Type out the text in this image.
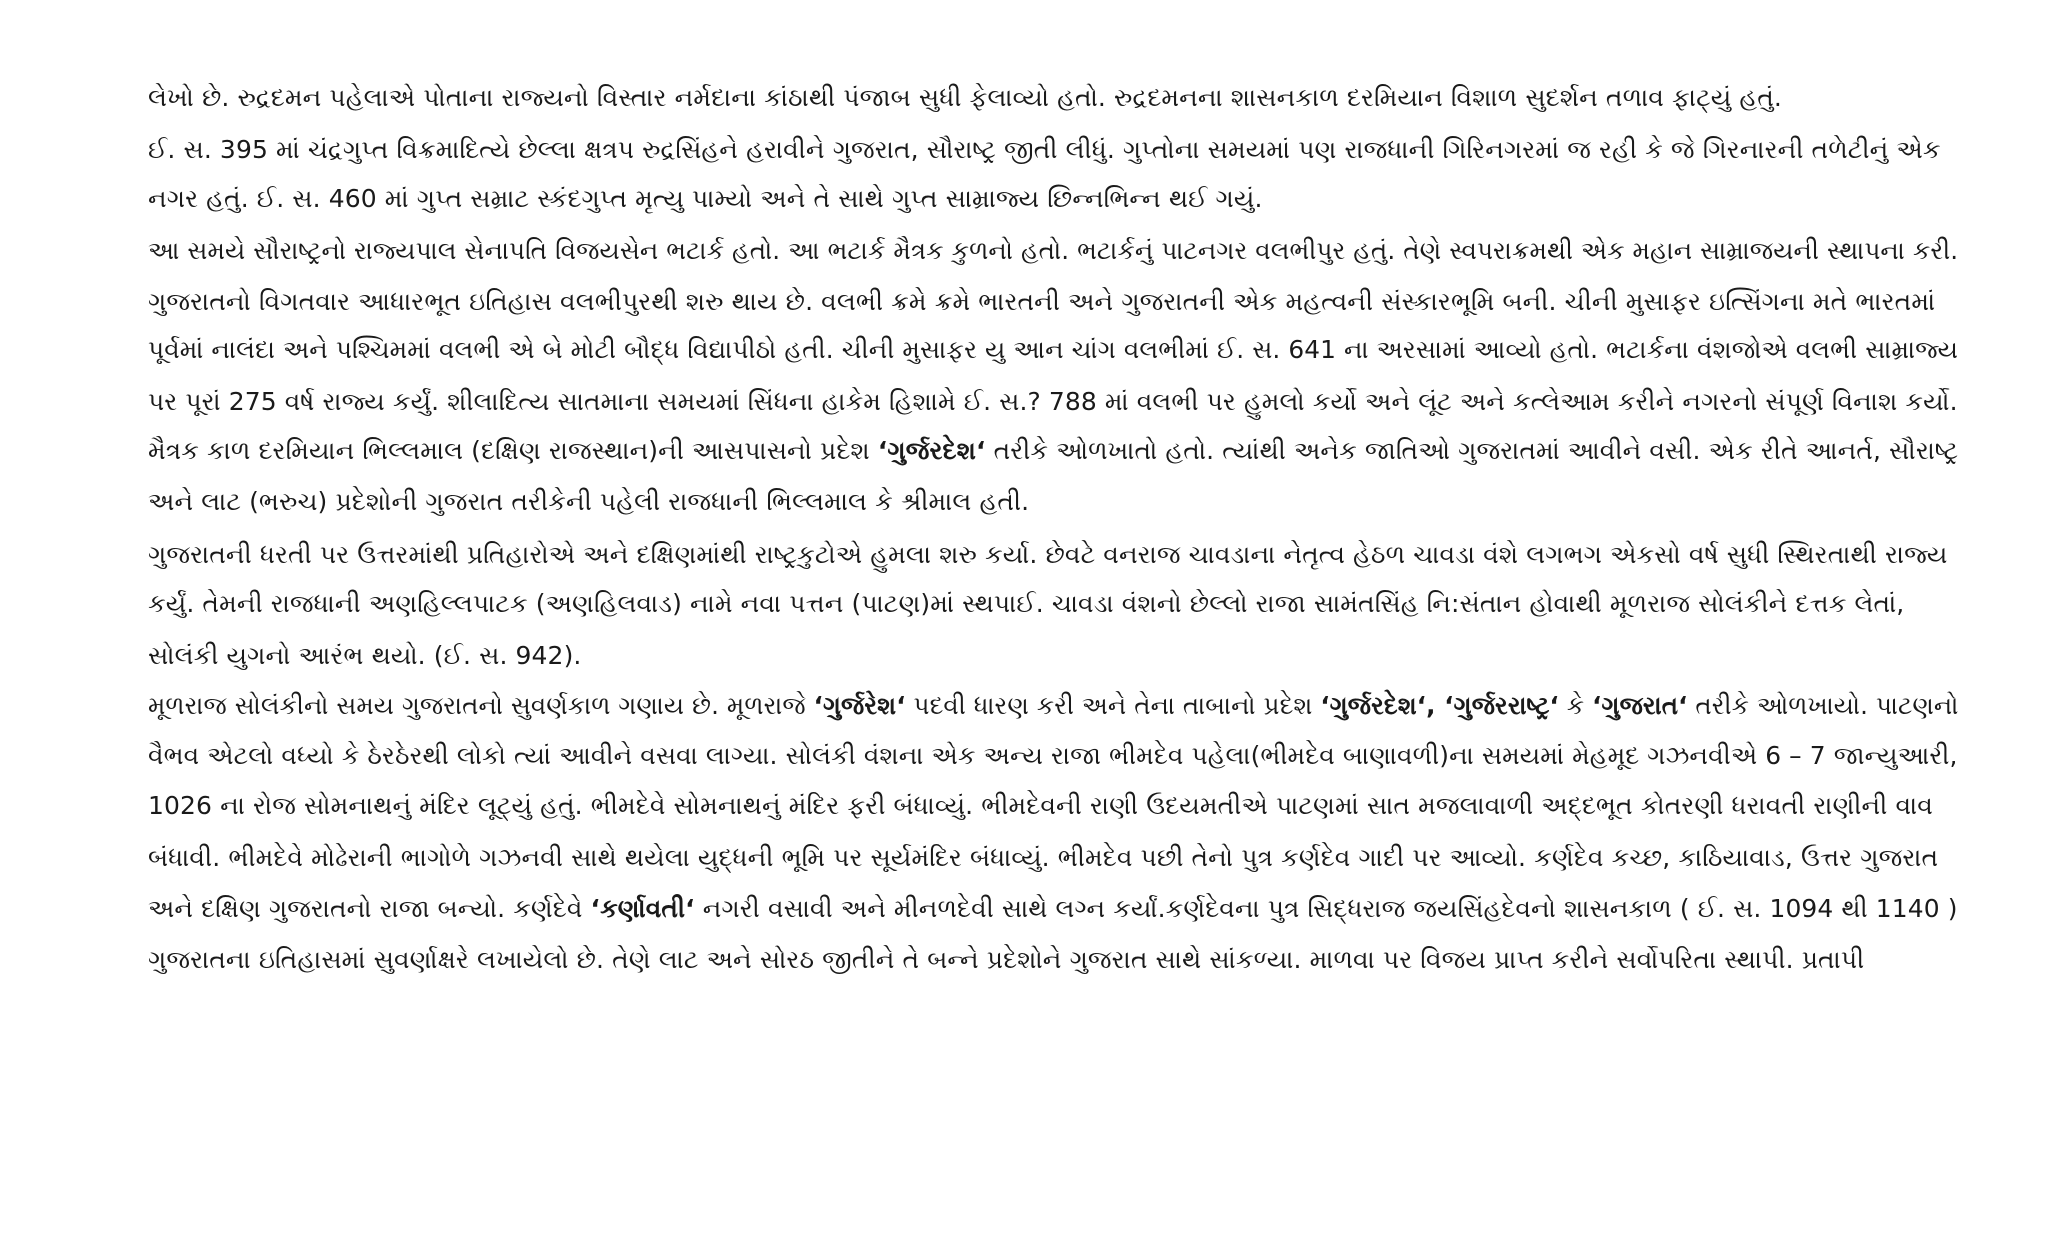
લેખો છે. રુદ્રદમન પહેલાએ પોતાના રાજ્યનો વિસ્તાર નર્મદાના કાંઠાથી પંજાબ સુધી ફેલાવ્યો હતો. રુદ્રદમનના શાસનકાળ દરમિયાન વિશાળ સુદર્શન તળાવ ફાટ્યું હતું.
ઈ. સ. 395 માં ચંદ્રગુપ્ત વિક્રમાદિત્યે છેલ્લા ક્ષત્રપ રુદ્રસિંહને હરાવીને ગુજરાત, સૌરાષ્ટ્ર જીતી લીધું. ગુપ્તોના સમયમાં પણ રાજધાની ગિરિનગરમાં જ રહી કે જે ગિરનારની તળેટીનું એક
નગર હતું. ઈ. સ. 460 માં ગુપ્ત સમ્રાટ સ્કંદગુપ્ત મૃત્યુ પામ્યો અને તે સાથે ગુપ્ત સામ્રાજ્ય છિન્નભિન્ન થઈ ગયું.
આ સમયે સૌરાષ્ટ્રનો રાજ્યપાલ સેનાપતિ વિજયસેન ભટાર્ક હતો. આ ભટાર્ક મૈત્રક કુળનો હતો. ભટાર્કનું પાટનગર વલભીપુર હતું. તેણે સ્વપરાક્રમથી એક મહાન સામ્રાજયની સ્થાપના કરી.
ગુજરાતનો વિગતવાર આધારભૂત ઇતિહાસ વલભીપુરથી શરુ થાય છે. વલભી ક્રમે ક્રમે ભારતની અને ગુજરાતની એક મહત્વની સંસ્કારભૂમિ બની. ચીની મુસાફર ઇત્સિંગના મતે ભારતમાં
પૂર્વમાં નાલંદા અને પશ્ચિમમાં વલભી એ બે મોટી બૌદ્ધ વિદ્યાપીઠો હતી. ચીની મુસાફર યુ આન ચાંગ વલભીમાં ઈ. સ. 641 ના અરસામાં આવ્યો હતો. ભટાર્કના વંશજોએ વલભી સામ્રાજ્ય
પર પૂરાં 275 વર્ષ રાજ્ય કર્યું. શીલાદિત્ય સાતમાના સમયમાં સિંધના હાકેમ હિશામે ઈ. સ.? 788 માં વલભી પર હુમલો કર્યો અને લૂંટ અને કત્લેઆમ કરીને નગરનો સંપૂર્ણ વિનાશ કર્યો.
મૈત્રક કાળ દરમિયાન ભિલ્લમાલ (દક્ષિણ રાજસ્થાન)ની આસપાસનો પ્રદેશ ‘ગુર્જરદેશ‘ તરીકે ઓળખાતો હતો. ત્યાંથી અનેક જાતિઓ ગુજરાતમાં આવીને વસી. એક રીતે આનર્ત, સૌરાષ્ટ્ર
અને લાટ (ભરુચ) પ્રદેશોની ગુજરાત તરીકેની પહેલી રાજધાની ભિલ્લમાલ કે શ્રીમાલ હતી.
ગુજરાતની ધરતી પર ઉત્તરમાંથી પ્રતિહારોએ અને દક્ષિણમાંથી રાષ્ટ્રકુટોએ હુમલા શરુ કર્યા. છેવટે વનરાજ ચાવડાના નેતૃત્વ હેઠળ ચાવડા વંશે લગભગ એકસો વર્ષ સુધી સ્થિરતાથી રાજ્ય
કર્યું. તેમની રાજધાની અણહિલ્લપાટક (અણહિલવાડ) નામે નવા પત્તન (પાટણ)માં સ્થપાઈ. ચાવડા વંશનો છેલ્લો રાજા સામંતસિંહ નિ:સંતાન હોવાથી મૂળરાજ સોલંકીને દત્તક લેતાં,
સોલંકી યુગનો આરંભ થયો. (ઈ. સ. 942).
મૂળરાજ સોલંકીનો સમય ગુજરાતનો સુવર્ણકાળ ગણાય છે. મૂળરાજે ‘ગુર્જરેશ‘ પદવી ધારણ કરી અને તેના તાબાનો પ્રદેશ ‘ગુર્જરદેશ‘, ‘ગુર્જરરાષ્ટ્ર‘ કે ‘ગુજરાત‘ તરીકે ઓળખાયો. પાટણનો
વૈભવ એટલો વધ્યો કે ઠેરઠેરથી લોકો ત્યાં આવીને વસવા લાગ્યા. સોલંકી વંશના એક અન્ય રાજા ભીમદેવ પહેલા(ભીમદેવ બાણાવળી)ના સમયમાં મેહમૂદ ગઝનવીએ 6 – 7 જાન્યુઆરી,
1026 ના રોજ સોમનાથનું મંદિર લૂટ્યું હતું. ભીમદેવે સોમનાથનું મંદિર ફરી બંધાવ્યું. ભીમદેવની રાણી ઉદયમતીએ પાટણમાં સાત મજલાવાળી અદ્દભૂત કોતરણી ધરાવતી રાણીની વાવ
બંધાવી. ભીમદેવે મોઢેરાની ભાગોળે ગઝનવી સાથે થયેલા યુદ્ધની ભૂમિ પર સૂર્યમંદિર બંધાવ્યું. ભીમદેવ પછી તેનો પુત્ર કર્ણદેવ ગાદી પર આવ્યો. કર્ણદેવ કચ્છ, કાઠિયાવાડ, ઉત્તર ગુજરાત
અને દક્ષિણ ગુજરાતનો રાજા બન્યો. કર્ણદેવે ‘કર્ણાવતી‘ નગરી વસાવી અને મીનળદેવી સાથે લગ્ન કર્યાં.કર્ણદેવના પુત્ર સિદ્ધરાજ જયસિંહદેવનો શાસનકાળ ( ઈ. સ. 1094 થી 1140 )
ગુજરાતના ઇતિહાસમાં સુવર્ણાક્ષરે લખાયેલો છે. તેણે લાટ અને સોરઠ જીતીને તે બન્ને પ્રદેશોને ગુજરાત સાથે સાંકળ્યા. માળવા પર વિજય પ્રાપ્ત કરીને સર્વોપરિતા સ્થાપી. પ્રતાપી
